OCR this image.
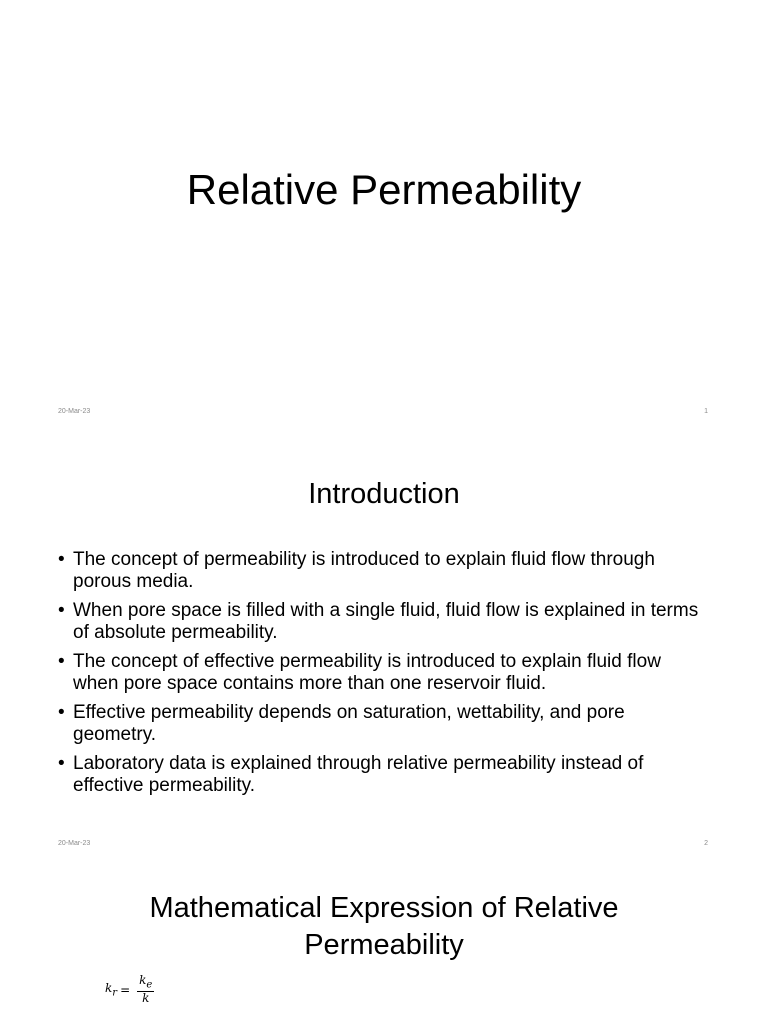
Relative Permeability
20-Mar-23	1
Introduction
• The concept of permeability is introduced to explain fluid flow through porous media.
• When pore space is filled with a single fluid, fluid flow is explained in terms of absolute permeability.
• The concept of effective permeability is introduced to explain fluid flow when pore space contains more than one reservoir fluid.
• Effective permeability depends on saturation, wettability, and pore geometry.
• Laboratory data is explained through relative permeability instead of effective permeability.
20-Mar-23	2
Mathematical Expression of Relative
Permeability
$k_r = \frac{k_e}{k}$
